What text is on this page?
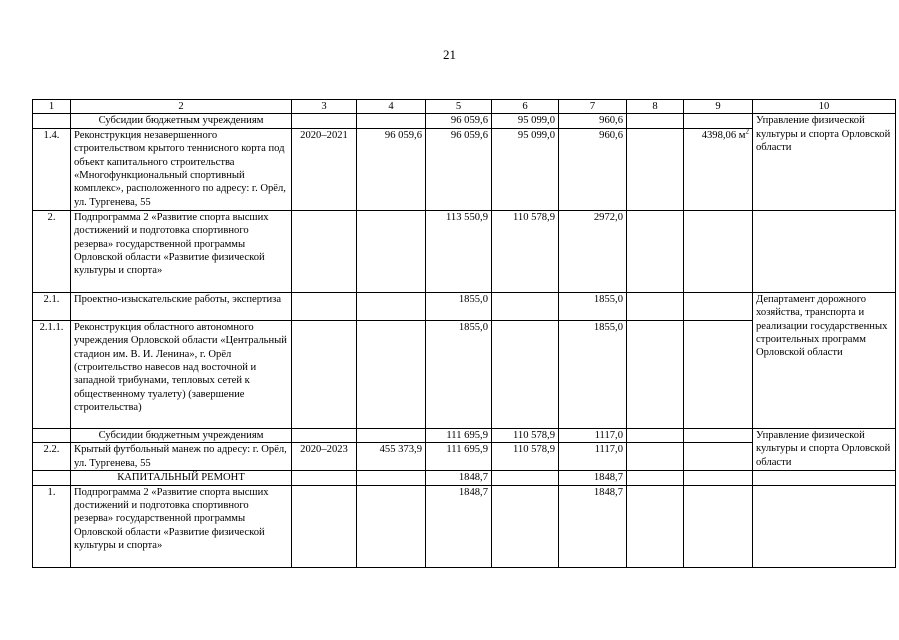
21
1	2	3	4	5	6	7	8	9	10
	Субсидии бюджетным учреждениям			96 059,6	95 099,0	960,6			Управление физической культуры и спорта Орловской области
1.4.	Реконструкция незавершенного строительством крытого теннисного корта под объект капитального строительства «Многофункциональный спортивный комплекс», расположенного по адресу: г. Орёл, ул. Тургенева, 55	2020–2021	96 059,6	96 059,6	95 099,0	960,6		4398,06 $м^2$
2.	Подпрограмма 2 «Развитие спорта высших достижений и подготовка спортивного резерва» государственной программы Орловской области «Развитие физической культуры и спорта»			113 550,9	110 578,9	2972,0			
2.1.	Проектно-изыскательские работы, экспертиза			1855,0		1855,0			Департамент дорожного хозяйства, транспорта и реализации государственных строительных программ Орловской области
2.1.1.	Реконструкция областного автономного учреждения Орловской области «Центральный стадион им. В. И. Ленина», г. Орёл (строительство навесов над восточной и западной трибунами, тепловых сетей к общественному туалету) (завершение строительства)			1855,0		1855,0			
	Субсидии бюджетным учреждениям			111 695,9	110 578,9	1117,0			Управление физической культуры и спорта Орловской области
2.2.	Крытый футбольный манеж по адресу: г. Орёл, ул. Тургенева, 55	2020–2023	455 373,9	111 695,9	110 578,9	1117,0			
	КАПИТАЛЬНЫЙ РЕМОНТ			1848,7		1848,7			
1.	Подпрограмма 2 «Развитие спорта высших достижений и подготовка спортивного резерва» государственной программы Орловской области «Развитие физической культуры и спорта»			1848,7		1848,7			
